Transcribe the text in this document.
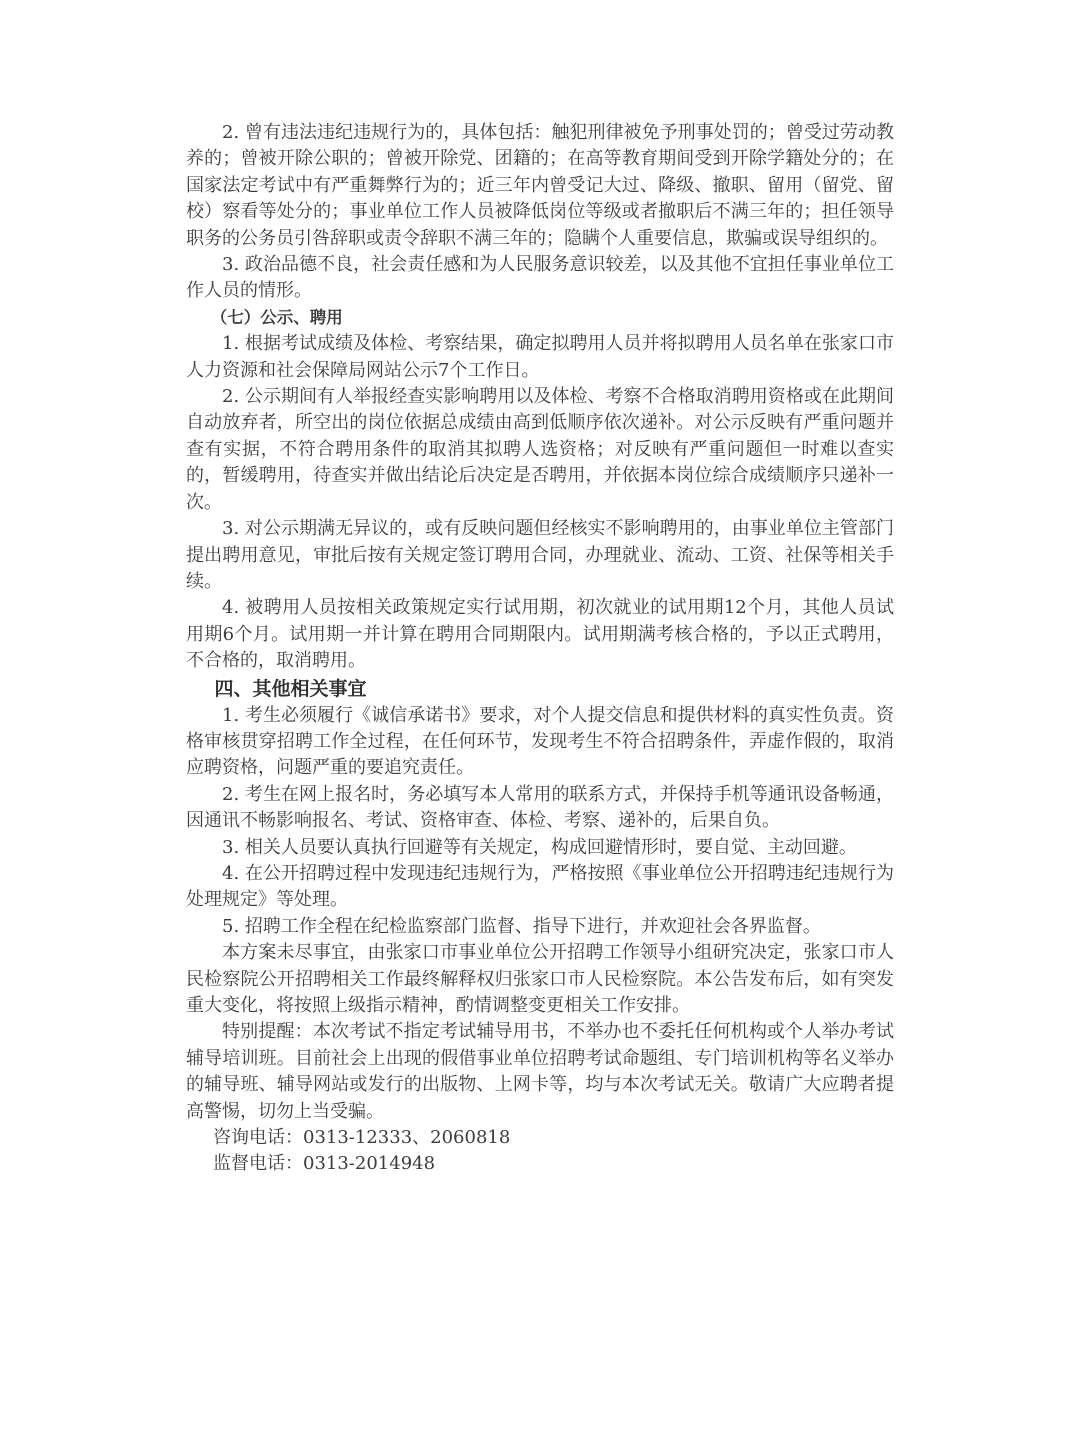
2. 曾有违法违纪违规行为的，具体包括：触犯刑律被免予刑事处罚的；曾受过劳动教养的；曾被开除公职的；曾被开除党、团籍的；在高等教育期间受到开除学籍处分的；在国家法定考试中有严重舞弊行为的；近三年内曾受记大过、降级、撤职、留用（留党、留校）察看等处分的；事业单位工作人员被降低岗位等级或者撤职后不满三年的；担任领导职务的公务员引咎辞职或责令辞职不满三年的；隐瞒个人重要信息，欺骗或误导组织的。

3. 政治品德不良，社会责任感和为人民服务意识较差，以及其他不宜担任事业单位工作人员的情形。

（七）公示、聘用

1. 根据考试成绩及体检、考察结果，确定拟聘用人员并将拟聘用人员名单在张家口市人力资源和社会保障局网站公示7个工作日。

2. 公示期间有人举报经查实影响聘用以及体检、考察不合格取消聘用资格或在此期间自动放弃者，所空出的岗位依据总成绩由高到低顺序依次递补。对公示反映有严重问题并查有实据，不符合聘用条件的取消其拟聘人选资格；对反映有严重问题但一时难以查实的，暂缓聘用，待查实并做出结论后决定是否聘用，并依据本岗位综合成绩顺序只递补一次。

3. 对公示期满无异议的，或有反映问题但经核实不影响聘用的，由事业单位主管部门提出聘用意见，审批后按有关规定签订聘用合同，办理就业、流动、工资、社保等相关手续。

4. 被聘用人员按相关政策规定实行试用期，初次就业的试用期12个月，其他人员试用期6个月。试用期一并计算在聘用合同期限内。试用期满考核合格的，予以正式聘用，不合格的，取消聘用。

四、其他相关事宜

1. 考生必须履行《诚信承诺书》要求，对个人提交信息和提供材料的真实性负责。资格审核贯穿招聘工作全过程，在任何环节，发现考生不符合招聘条件，弄虚作假的，取消应聘资格，问题严重的要追究责任。

2. 考生在网上报名时，务必填写本人常用的联系方式，并保持手机等通讯设备畅通，因通讯不畅影响报名、考试、资格审查、体检、考察、递补的，后果自负。

3. 相关人员要认真执行回避等有关规定，构成回避情形时，要自觉、主动回避。

4. 在公开招聘过程中发现违纪违规行为，严格按照《事业单位公开招聘违纪违规行为处理规定》等处理。

5. 招聘工作全程在纪检监察部门监督、指导下进行，并欢迎社会各界监督。

本方案未尽事宜，由张家口市事业单位公开招聘工作领导小组研究决定，张家口市人民检察院公开招聘相关工作最终解释权归张家口市人民检察院。本公告发布后，如有突发重大变化，将按照上级指示精神，酌情调整变更相关工作安排。

特别提醒：本次考试不指定考试辅导用书，不举办也不委托任何机构或个人举办考试辅导培训班。目前社会上出现的假借事业单位招聘考试命题组、专门培训机构等名义举办的辅导班、辅导网站或发行的出版物、上网卡等，均与本次考试无关。敬请广大应聘者提高警惕，切勿上当受骗。

咨询电话：0313-12333、2060818

监督电话：0313-2014948
